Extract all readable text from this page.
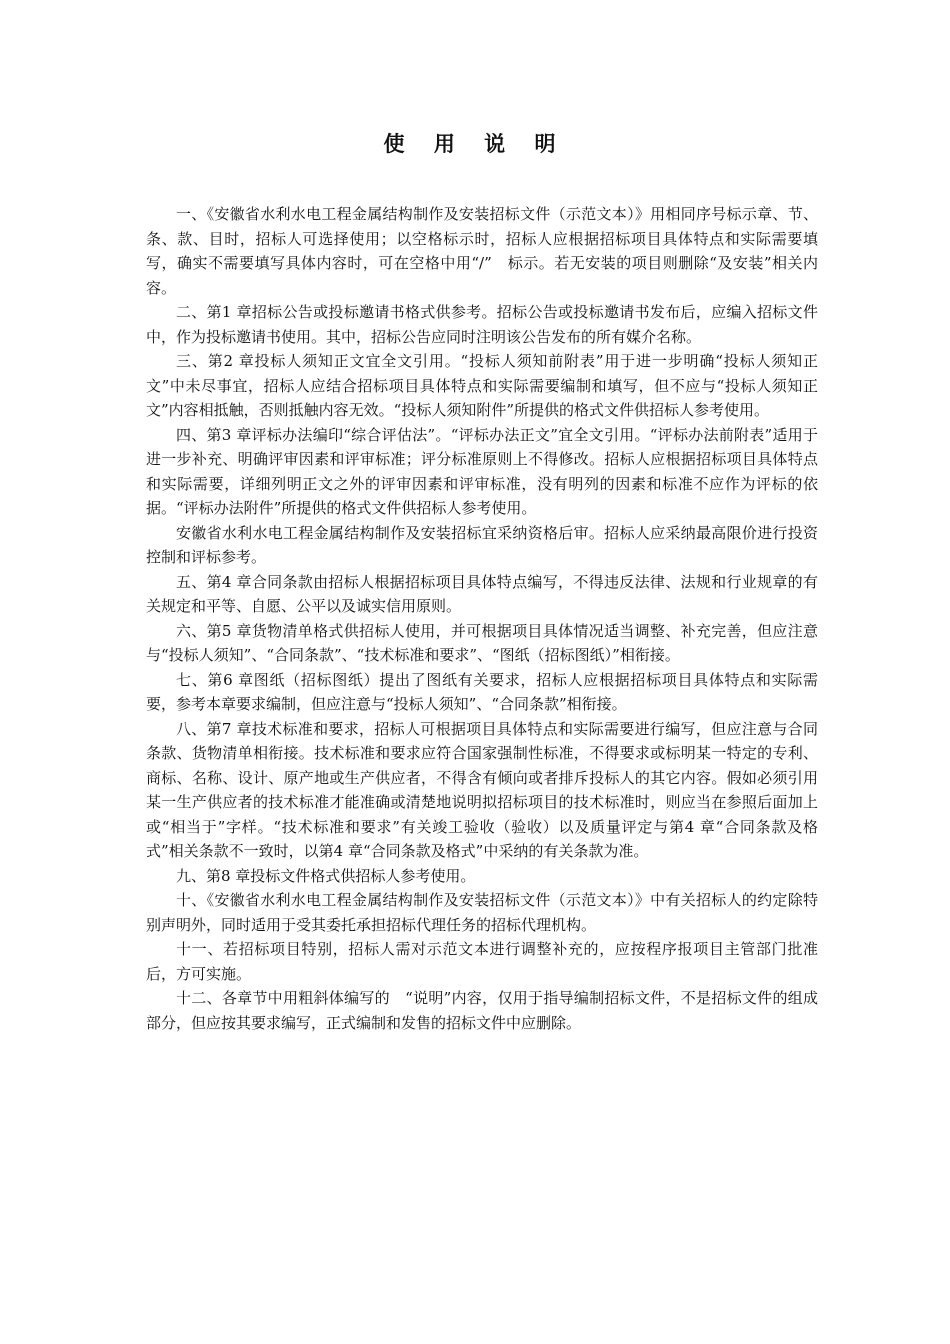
使 用 说 明

一、《安徽省水利水电工程金属结构制作及安装招标文件（示范文本）》用相同序号标示章、节、条、款、目时，招标人可选择使用；以空格标示时，招标人应根据招标项目具体特点和实际需要填写，确实不需要填写具体内容时，可在空格中用“/”　标示。若无安装的项目则删除“及安装”相关内容。

二、第1 章招标公告或投标邀请书格式供参考。招标公告或投标邀请书发布后，应编入招标文件中，作为投标邀请书使用。其中，招标公告应同时注明该公告发布的所有媒介名称。

三、第2 章投标人须知正文宜全文引用。“投标人须知前附表”用于进一步明确“投标人须知正文”中未尽事宜，招标人应结合招标项目具体特点和实际需要编制和填写，但不应与“投标人须知正文”内容相抵触，否则抵触内容无效。“投标人须知附件”所提供的格式文件供招标人参考使用。

四、第3 章评标办法编印“综合评估法”。“评标办法正文”宜全文引用。“评标办法前附表”适用于进一步补充、明确评审因素和评审标准；评分标准原则上不得修改。招标人应根据招标项目具体特点和实际需要，详细列明正文之外的评审因素和评审标准，没有明列的因素和标准不应作为评标的依据。“评标办法附件”所提供的格式文件供招标人参考使用。

安徽省水利水电工程金属结构制作及安装招标宜采纳资格后审。招标人应采纳最高限价进行投资控制和评标参考。

五、第4 章合同条款由招标人根据招标项目具体特点编写，不得违反法律、法规和行业规章的有关规定和平等、自愿、公平以及诚实信用原则。

六、第5 章货物清单格式供招标人使用，并可根据项目具体情况适当调整、补充完善，但应注意与“投标人须知”、“合同条款”、“技术标准和要求”、“图纸（招标图纸）”相衔接。

七、第6 章图纸（招标图纸）提出了图纸有关要求，招标人应根据招标项目具体特点和实际需要，参考本章要求编制，但应注意与“投标人须知”、“合同条款”相衔接。

八、第7 章技术标准和要求，招标人可根据项目具体特点和实际需要进行编写，但应注意与合同条款、货物清单相衔接。技术标准和要求应符合国家强制性标准，不得要求或标明某一特定的专利、商标、名称、设计、原产地或生产供应者，不得含有倾向或者排斥投标人的其它内容。假如必须引用某一生产供应者的技术标准才能准确或清楚地说明拟招标项目的技术标准时，则应当在参照后面加上或“相当于”字样。“技术标准和要求”有关竣工验收（验收）以及质量评定与第4 章“合同条款及格式”相关条款不一致时，以第4 章“合同条款及格式”中采纳的有关条款为准。

九、第8 章投标文件格式供招标人参考使用。

十、《安徽省水利水电工程金属结构制作及安装招标文件（示范文本）》中有关招标人的约定除特别声明外，同时适用于受其委托承担招标代理任务的招标代理机构。

十一、若招标项目特别，招标人需对示范文本进行调整补充的，应按程序报项目主管部门批准后，方可实施。

十二、各章节中用粗斜体编写的　“说明”内容，仅用于指导编制招标文件，不是招标文件的组成部分，但应按其要求编写，正式编制和发售的招标文件中应删除。
